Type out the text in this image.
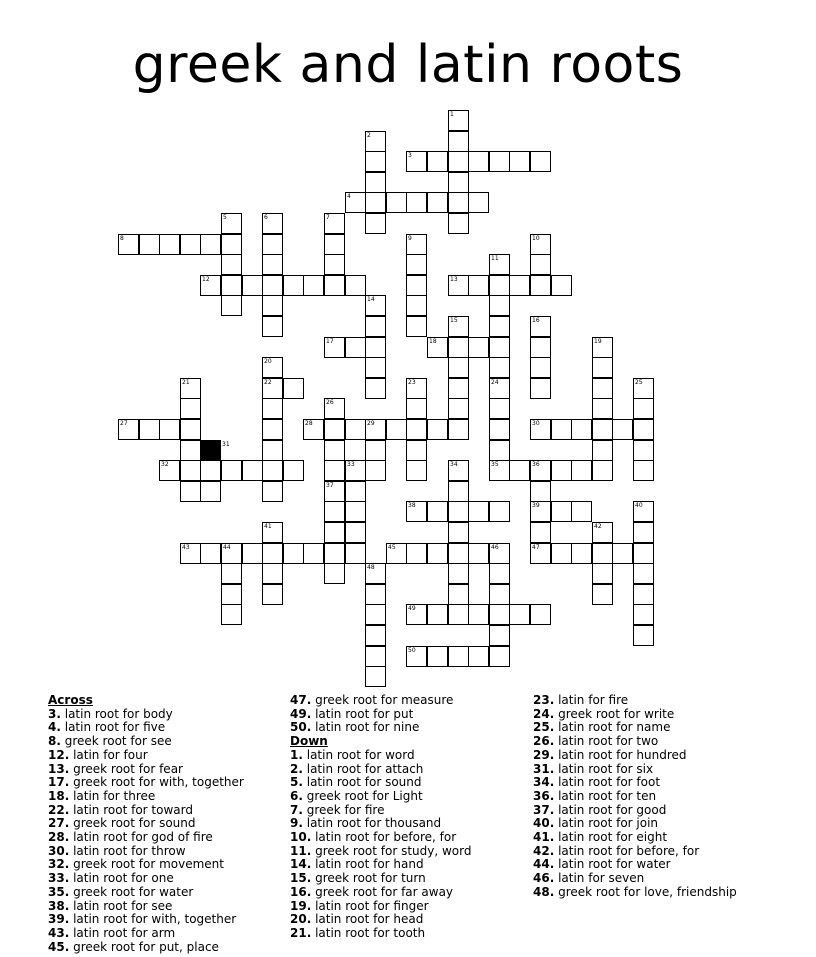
greek and latin roots
1
2
3
4
5	6	7
8	9	10
11
12	13
14
15	16
17	18	19
20
22
21	23	24
35
25
26
27	28	29	30
31
32	33	34	36
39
47
37
38	40
41	42
43	44	45	46
48
49
50
Across
3. latin root for body
4. latin root for five
8. greek root for see
12. latin for four
13. greek root for fear
17. greek root for with, together
18. latin for three
22. latin root for toward
27. greek root for sound
28. latin root for god of fire
30. latin root for throw
32. greek root for movement
33. latin root for one
35. greek root for water
38. latin root for see
39. latin root for with, together
43. latin root for arm
45. greek root for put, place
47. greek root for measure
49. latin root for put
50. latin root for nine
Down
1. latin root for word
2. latin root for attach
5. latin root for sound
6. greek root for Light
7. greek for fire
9. latin root for thousand
10. latin root for before, for
11. greek root for study, word
14. latin root for hand
15. greek root for turn
16. greek root for far away
19. latin root for finger
20. latin root for head
21. latin root for tooth
23. latin for fire
24. greek root for write
25. latin root for name
26. latin root for two
29. latin root for hundred
31. latin root for six
34. latin root for foot
36. latin root for ten
37. latin root for good
40. latin root for join
41. latin root for eight
42. latin root for before, for
44. latin root for water
46. latin for seven
48. greek root for love, friendship
